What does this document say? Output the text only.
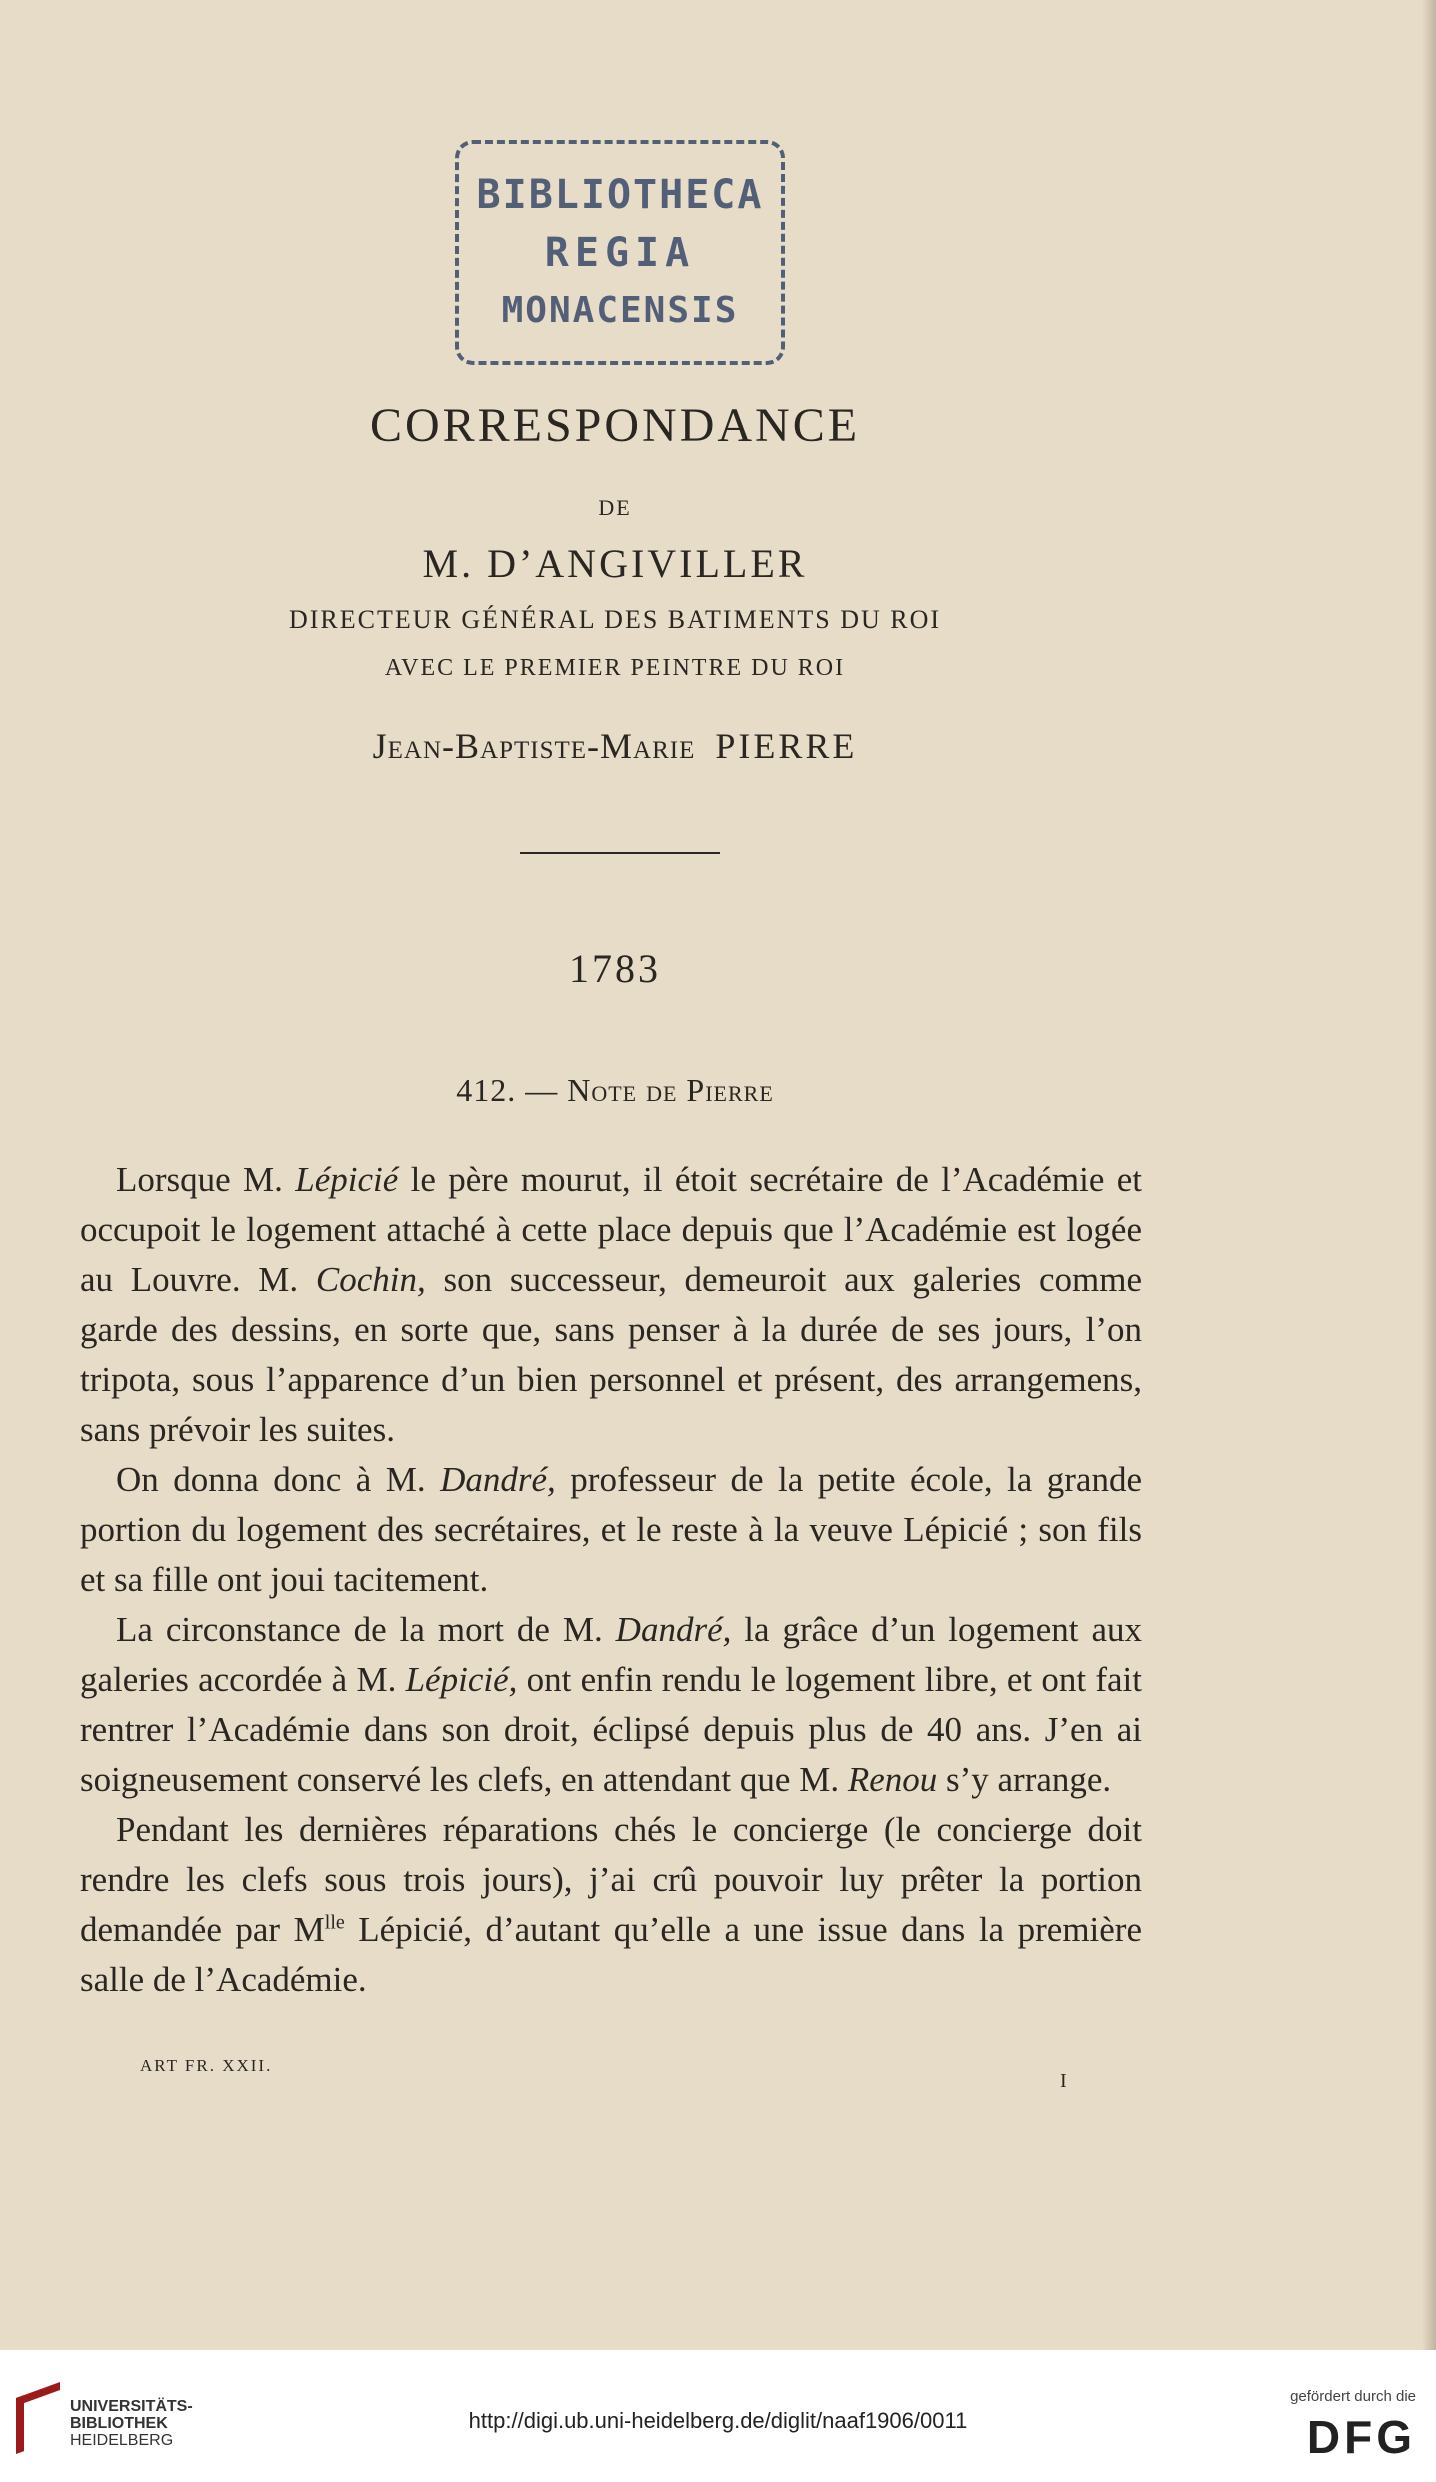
BIBLIOTHECA
REGIA
MONACENSIS
CORRESPONDANCE
DE
M. D’ANGIVILLER
DIRECTEUR GÉNÉRAL DES BATIMENTS DU ROI
AVEC LE PREMIER PEINTRE DU ROI
Jean-Baptiste-Marie PIERRE
1783
412. — Note de Pierre

Lorsque M. Lépicié le père mourut, il étoit secrétaire de l’Académie et occupoit le logement attaché à cette place depuis que l’Académie est logée au Louvre. M. Cochin, son successeur, demeuroit aux galeries comme garde des dessins, en sorte que, sans penser à la durée de ses jours, l’on tripota, sous l’apparence d’un bien personnel et présent, des arrangemens, sans prévoir les suites.

On donna donc à M. Dandré, professeur de la petite école, la grande portion du logement des secrétaires, et le reste à la veuve Lépicié ; son fils et sa fille ont joui tacitement.

La circonstance de la mort de M. Dandré, la grâce d’un logement aux galeries accordée à M. Lépicié, ont enfin rendu le logement libre, et ont fait rentrer l’Académie dans son droit, éclipsé depuis plus de 40 ans. J’en ai soigneusement conservé les clefs, en attendant que M. Renou s’y arrange.

Pendant les dernières réparations chés le concierge (le concierge doit rendre les clefs sous trois jours), j’ai crû pouvoir luy prêter la portion demandée par $M^{lle}$ Lépicié, d’autant qu’elle a une issue dans la première salle de l’Académie.

ART FR. XXII.
I
UNIVERSITÄTS-
BIBLIOTHEK
HEIDELBERG
http://digi.ub.uni-heidelberg.de/diglit/naaf1906/0011
gefördert durch die
DFG
